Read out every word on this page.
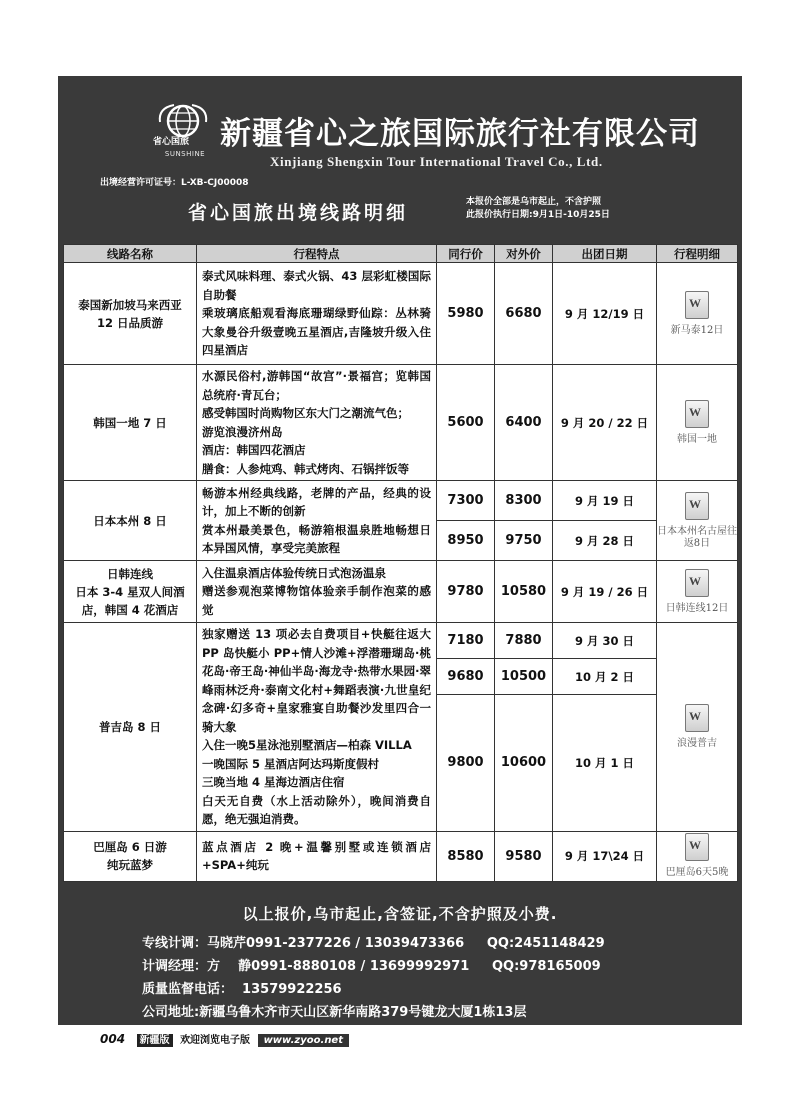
省心国旅
SUNSHINE
新疆省心之旅国际旅行社有限公司
Xinjiang Shengxin Tour International Travel Co., Ltd.
出境经营许可证号：L-XB-CJ00008
省心国旅出境线路明细	本报价全部是乌市起止，不含护照
此报价执行日期:9月1日-10月25日
线路名称	行程特点	同行价	对外价	出团日期	行程明细
泰国新加坡马来西亚
12 日品质游	泰式风味料理、泰式火锅、43 层彩虹楼国际自助餐
乘玻璃底船观看海底珊瑚绿野仙踪：丛林骑大象曼谷升级壹晚五星酒店,吉隆坡升级入住四星酒店	5980	6680	9 月 12/19 日	W
新马泰12日

韩国一地 7 日	水源民俗村,游韩国“故宫”·景福宫；览韩国总统府·青瓦台；
感受韩国时尚购物区东大门之潮流气色；
游览浪漫济州岛
酒店：韩国四花酒店
膳食：人参炖鸡、韩式烤肉、石锅拌饭等	5600	6400	9 月 20 / 22 日	W
韩国一地

日本本州 8 日	畅游本州经典线路，老牌的产品，经典的设计，加上不断的创新
赏本州最美景色，畅游箱根温泉胜地畅想日本异国风情，享受完美旅程	7300	8300	9 月 19 日	W
日本本州名古屋往返8日

		8950	9750	9 月 28 日	
日韩连线
日本 3-4 星双人间酒店，韩国 4 花酒店	入住温泉酒店体验传统日式泡汤温泉
赠送参观泡菜博物馆体验亲手制作泡菜的感觉	9780	10580	9 月 19 / 26 日	W
日韩连线12日

普吉岛 8 日	独家赠送 13 项必去自费项目+快艇往返大 PP 岛快艇小 PP+情人沙滩+浮潜珊瑚岛·桃花岛·帝王岛·神仙半岛·海龙寺·热带水果园·翠峰雨林泛舟·泰南文化村+舞蹈表演·九世皇纪念碑·幻多奇+皇家雅宴自助餐沙发里四合一骑大象
入住一晚5星泳池别墅酒店—柏森 VILLA
一晚国际 5 星酒店阿达玛斯度假村
三晚当地 4 星海边酒店住宿
白天无自费（水上活动除外），晚间消费自愿，绝无强迫消费。	7180	7880	9 月 30 日	W
浪漫普吉

		9680	10500	10 月 2 日	
		9800	10600	10 月 1 日	
巴厘岛 6 日游
纯玩蓝梦	蓝点酒店 2 晚+温馨别墅或连锁酒店+SPA+纯玩	8580	9580	9 月 17\24 日	W
巴厘岛6天5晚
以上报价,乌市起止,含签证,不含护照及小费.
专线计调：马晓芹0991-2377226 / 13039473366 QQ:2451148429
计调经理：方    静0991-8880108 / 13699992971 QQ:978165009
质量监督电话：  13579922256
公司地址:新疆乌鲁木齐市天山区新华南路379号键龙大厦1栋13层
004 新疆版 欢迎浏览电子版 www.zyoo.net
